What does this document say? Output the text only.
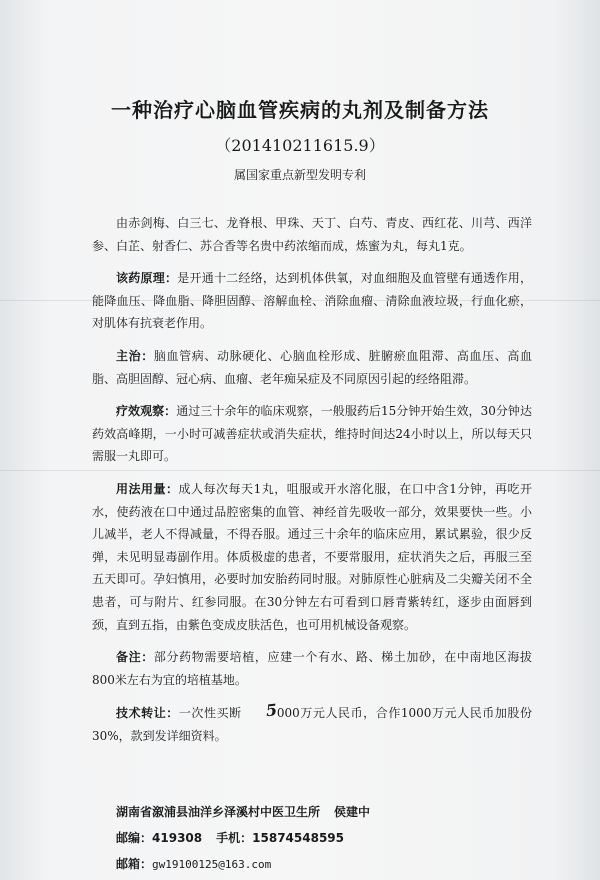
一种治疗心脑血管疾病的丸剂及制备方法
（201410211615.9）
属国家重点新型发明专利

由赤剑梅、白三七、龙脊根、甲珠、天丁、白芍、青皮、西红花、川芎、西洋参、白芷、射香仁、苏合香等名贵中药浓缩而成，炼蜜为丸，每丸1克。

该药原理：是开通十二经络，达到机体供氧，对血细胞及血管壁有通透作用，能降血压、降血脂、降胆固醇、溶解血栓、消除血瘤、清除血液垃圾，行血化瘀，对肌体有抗衰老作用。

主治：脑血管病、动脉硬化、心脑血栓形成、脏腑瘀血阻滞、高血压、高血脂、高胆固醇、冠心病、血瘤、老年痴呆症及不同原因引起的经络阻滞。

疗效观察：通过三十余年的临床观察，一般服药后15分钟开始生效，30分钟达药效高峰期，一小时可减善症状或消失症状，维持时间达24小时以上，所以每天只需服一丸即可。

用法用量：成人每次每天1丸，咀服或开水溶化服，在口中含1分钟，再吃开水，使药液在口中通过品腔密集的血管、神经首先吸收一部分，效果要快一些。小儿减半，老人不得减量，不得吞服。通过三十余年的临床应用，累试累验，很少反弹，未见明显毒副作用。体质极虚的患者，不要常服用，症状消失之后，再服三至五天即可。孕妇慎用，必要时加安胎药同时服。对肺原性心脏病及二尖瓣关闭不全患者，可与附片、红参同服。在30分钟左右可看到口唇青紫转红，逐步由面唇到颈，直到五指，由紫色变成皮肤活色，也可用机械设备观察。

备注：部分药物需要培植，应建一个有水、路、梯土加砂，在中南地区海拔800米左右为宜的培植基地。

技术转让：一次性买断 5000万元人民币，合作1000万元人民币加股份30%，款到发详细资料。

湖南省溆浦县油洋乡泽溪村中医卫生所 侯建中
邮编：419308 手机：15874548595
邮箱：gw19100125@163.com
